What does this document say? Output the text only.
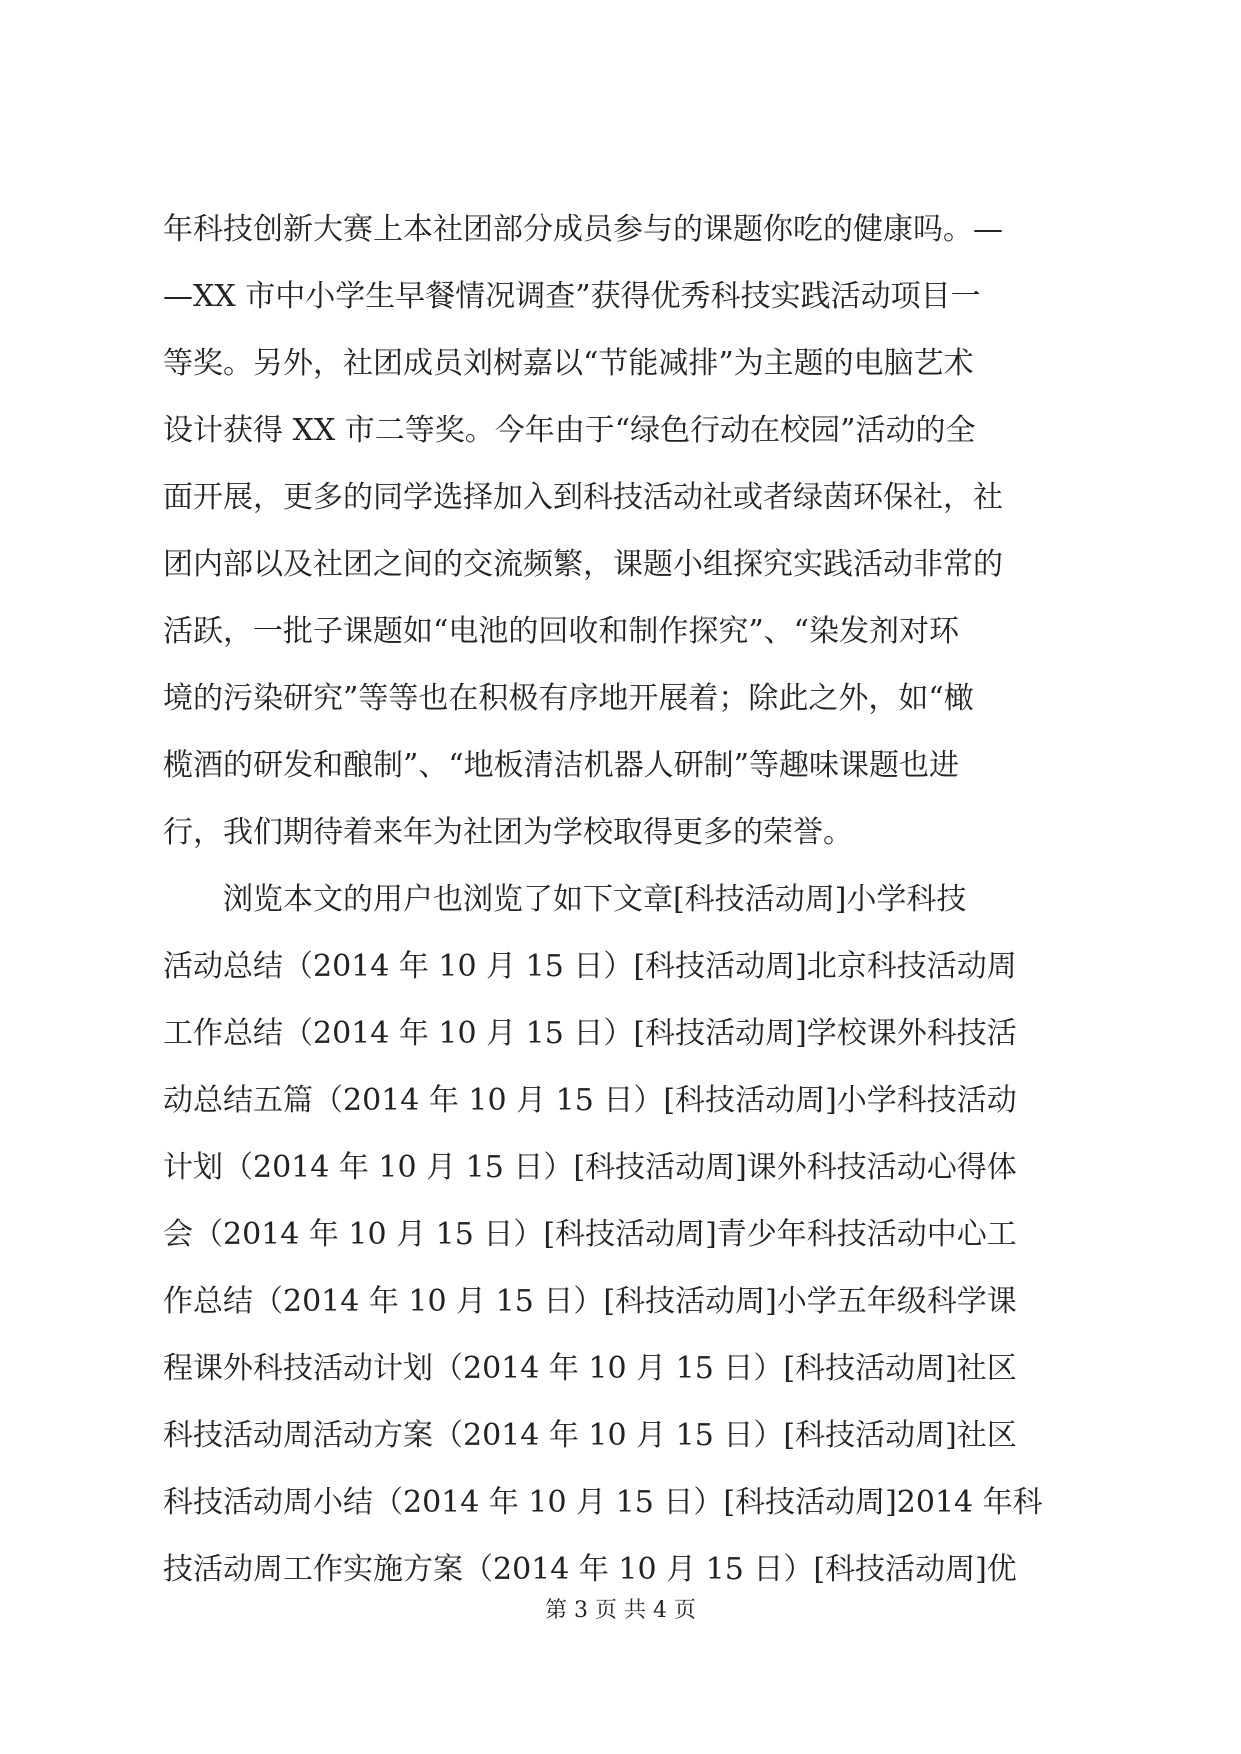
年科技创新大赛上本社团部分成员参与的课题你吃的健康吗。—
—XX 市中小学生早餐情况调查”获得优秀科技实践活动项目一
等奖。另外，社团成员刘树嘉以“节能减排”为主题的电脑艺术
设计获得 XX 市二等奖。今年由于“绿色行动在校园”活动的全
面开展，更多的同学选择加入到科技活动社或者绿茵环保社，社
团内部以及社团之间的交流频繁，课题小组探究实践活动非常的
活跃，一批子课题如“电池的回收和制作探究”、“染发剂对环
境的污染研究”等等也在积极有序地开展着；除此之外，如“橄
榄酒的研发和酿制”、“地板清洁机器人研制”等趣味课题也进
行，我们期待着来年为社团为学校取得更多的荣誉。
　　浏览本文的用户也浏览了如下文章[科技活动周]小学科技
活动总结（2014 年 10 月 15 日）[科技活动周]北京科技活动周
工作总结（2014 年 10 月 15 日）[科技活动周]学校课外科技活
动总结五篇（2014 年 10 月 15 日）[科技活动周]小学科技活动
计划（2014 年 10 月 15 日）[科技活动周]课外科技活动心得体
会（2014 年 10 月 15 日）[科技活动周]青少年科技活动中心工
作总结（2014 年 10 月 15 日）[科技活动周]小学五年级科学课
程课外科技活动计划（2014 年 10 月 15 日）[科技活动周]社区
科技活动周活动方案（2014 年 10 月 15 日）[科技活动周]社区
科技活动周小结（2014 年 10 月 15 日）[科技活动周]2014 年科
技活动周工作实施方案（2014 年 10 月 15 日）[科技活动周]优
第 3 页 共 4 页
